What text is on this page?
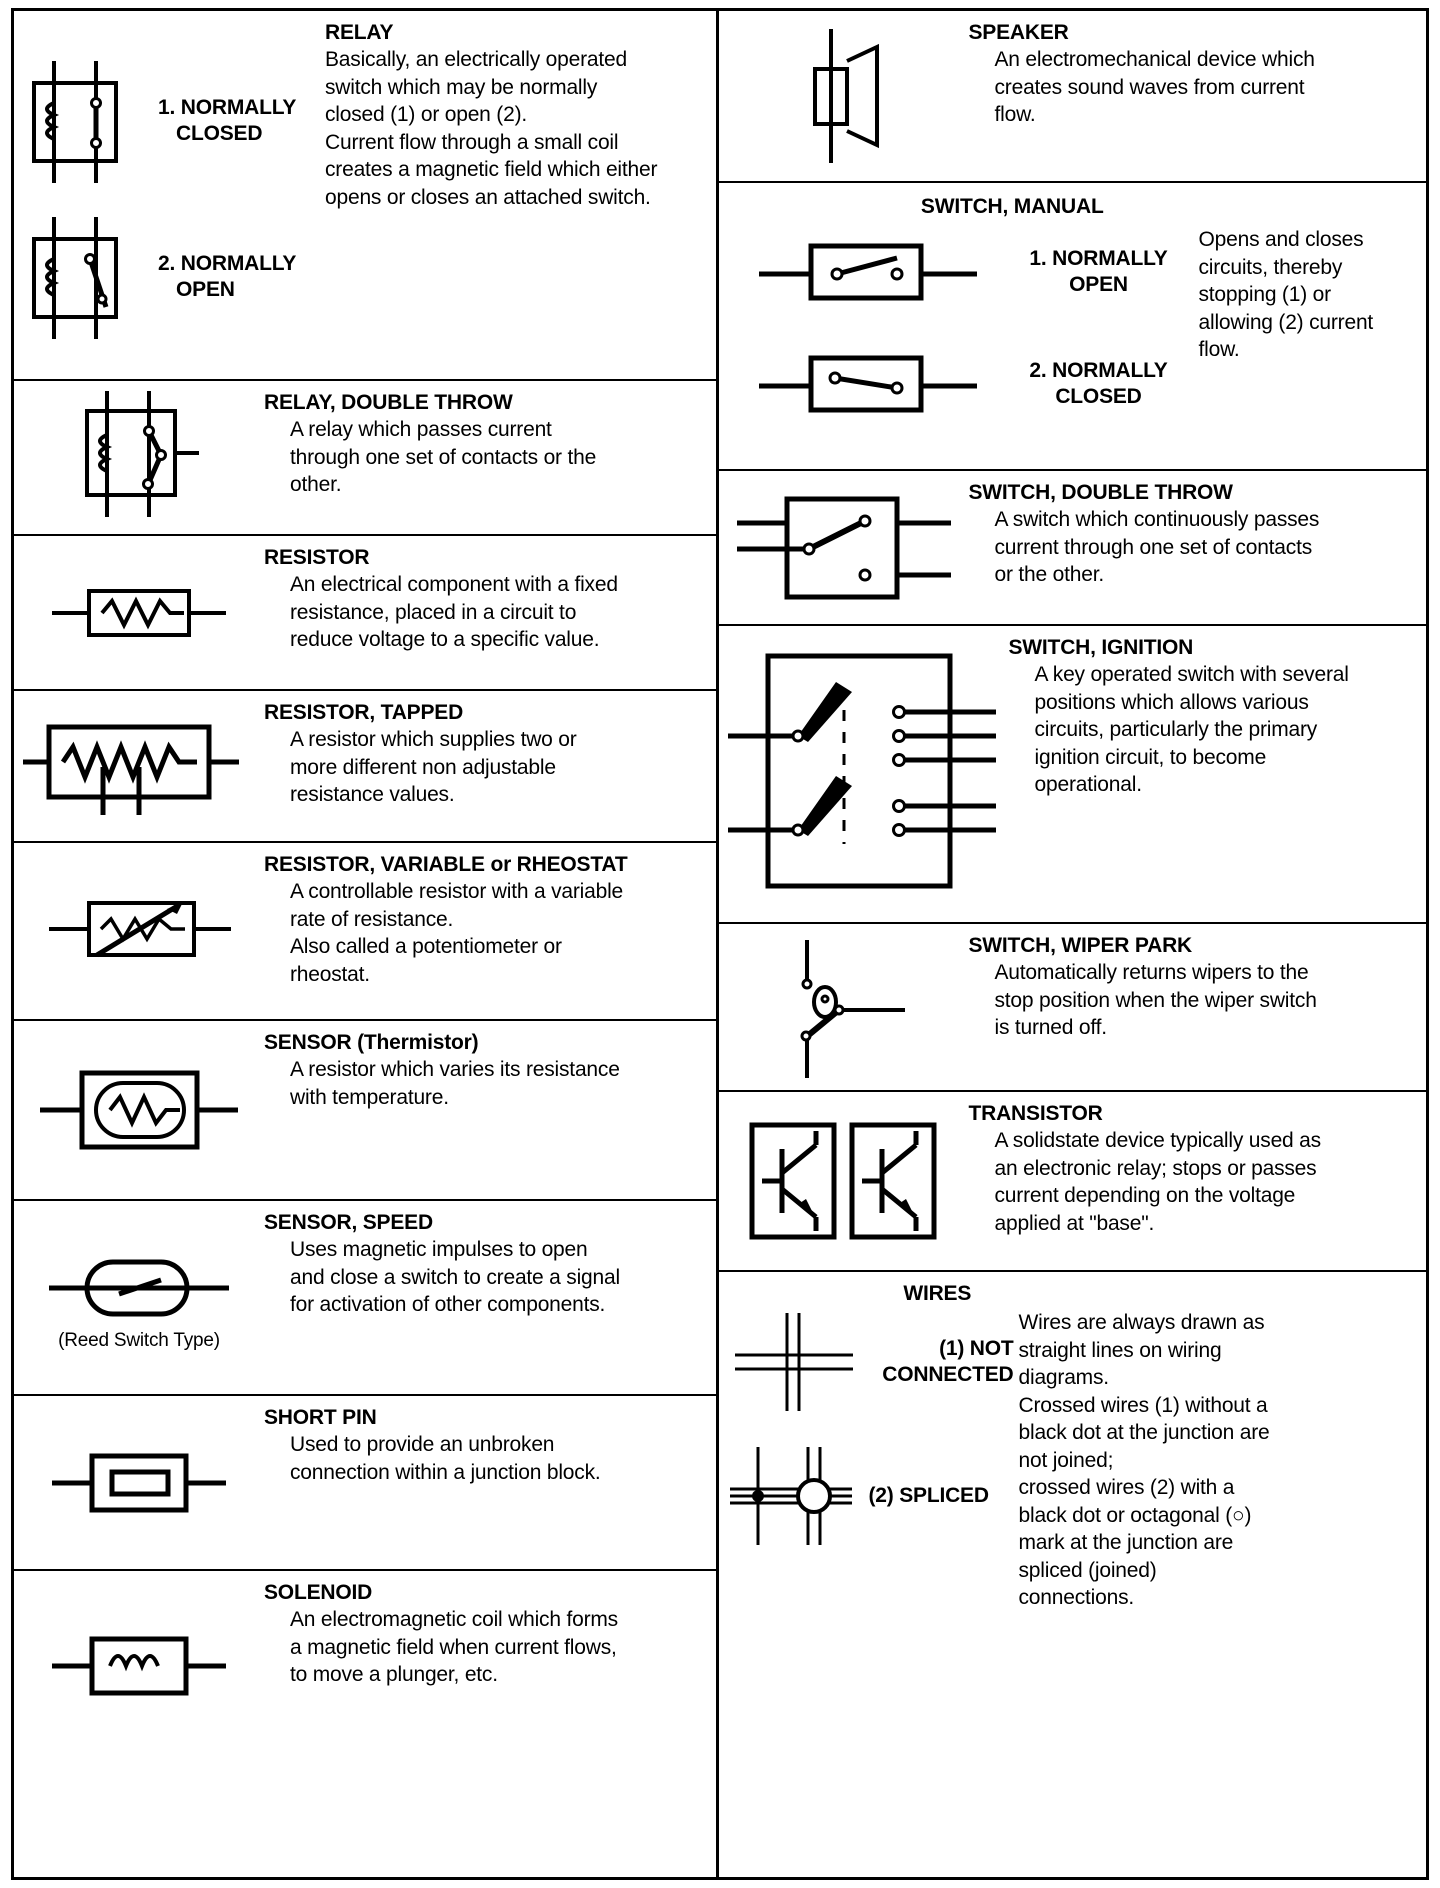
1. NORMALLY
CLOSED
2. NORMALLY
OPEN
RELAY
Basically, an electrically operated
switch which may be normally
closed (1) or open (2).
Current flow through a small coil
creates a magnetic field which either
opens or closes an attached switch.
RELAY, DOUBLE THROW
A relay which passes current
through one set of contacts or the
other.
RESISTOR
An electrical component with a fixed
resistance, placed in a circuit to
reduce voltage to a specific value.
RESISTOR, TAPPED
A resistor which supplies two or
more different non adjustable
resistance values.
RESISTOR, VARIABLE or RHEOSTAT
A controllable resistor with a variable
rate of resistance.
Also called a potentiometer or
rheostat.
SENSOR (Thermistor)
A resistor which varies its resistance
with temperature.
(Reed Switch Type)
SENSOR, SPEED
Uses magnetic impulses to open
and close a switch to create a signal
for activation of other components.
SHORT PIN
Used to provide an unbroken
connection within a junction block.
SOLENOID
An electromagnetic coil which forms
a magnetic field when current flows,
to move a plunger, etc.
SPEAKER
An electromechanical device which
creates sound waves from current
flow.
SWITCH, MANUAL
1. NORMALLY
OPEN
2. NORMALLY
CLOSED
Opens and closes
circuits, thereby
stopping (1) or
allowing (2) current
flow.
SWITCH, DOUBLE THROW
A switch which continuously passes
current through one set of contacts
or the other.
SWITCH, IGNITION
A key operated switch with several
positions which allows various
circuits, particularly the primary
ignition circuit, to become
operational.
SWITCH, WIPER PARK
Automatically returns wipers to the
stop position when the wiper switch
is turned off.
TRANSISTOR
A solidstate device typically used as
an electronic relay; stops or passes
current depending on the voltage
applied at "base".
WIRES
(1) NOT
CONNECTED
(2) SPLICED
Wires are always drawn as
straight lines on wiring
diagrams.
Crossed wires (1) without a
black dot at the junction are
not joined;
crossed wires (2) with a
black dot or octagonal (○)
mark at the junction are
spliced (joined)
connections.
